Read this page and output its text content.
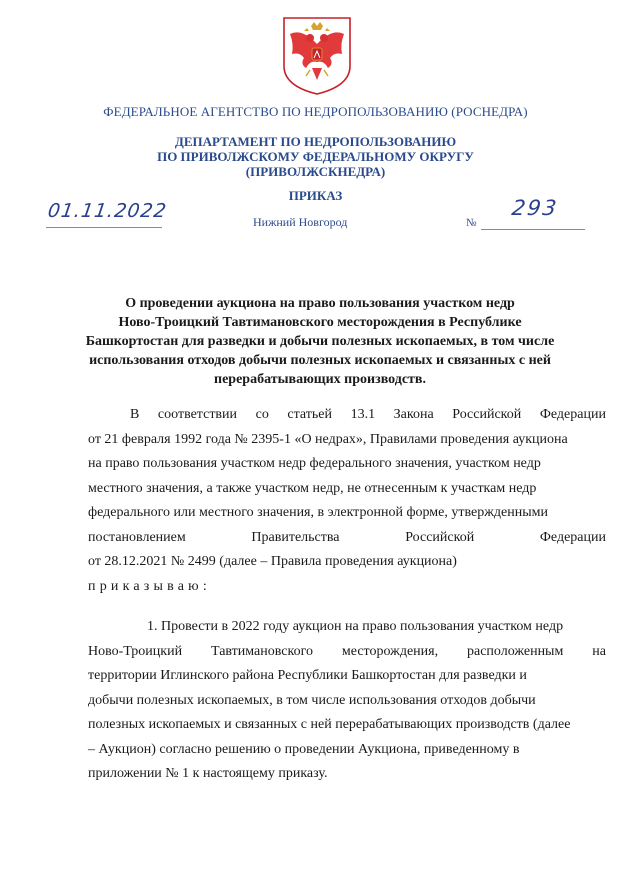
ФЕДЕРАЛЬНОЕ АГЕНТСТВО ПО НЕДРОПОЛЬЗОВАНИЮ (РОСНЕДРА)
ДЕПАРТАМЕНТ ПО НЕДРОПОЛЬЗОВАНИЮ
ПО ПРИВОЛЖСКОМУ ФЕДЕРАЛЬНОМУ ОКРУГУ
(ПРИВОЛЖСКНЕДРА)
ПРИКАЗ
01.11.2022	Нижний Новгород	№
293
О проведении аукциона на право пользования участком недр
Ново-Троицкий Тавтимановского месторождения в Республике
Башкортостан для разведки и добычи полезных ископаемых, в том числе
использования отходов добычи полезных ископаемых и связанных с ней
перерабатывающих производств.
В соответствии со статьей 13.1 Закона Российской Федерации
от 21 февраля 1992 года № 2395-1 «О недрах», Правилами проведения аукциона
на право пользования участком недр федерального значения, участком недр
местного значения, а также участком недр, не отнесенным к участкам недр
федерального или местного значения, в электронной форме, утвержденными
постановлением	Правительства	Российской	Федерации
от 28.12.2021 № 2499 (далее – Правила проведения аукциона)
приказываю:
1. Провести в 2022 году аукцион на право пользования участком недр
Ново-Троицкий Тавтимановского месторождения, расположенным на
территории Иглинского района Республики Башкортостан для разведки и
добычи полезных ископаемых, в том числе использования отходов добычи
полезных ископаемых и связанных с ней перерабатывающих производств (далее
– Аукцион) согласно решению о проведении Аукциона, приведенному в
приложении № 1 к настоящему приказу.
